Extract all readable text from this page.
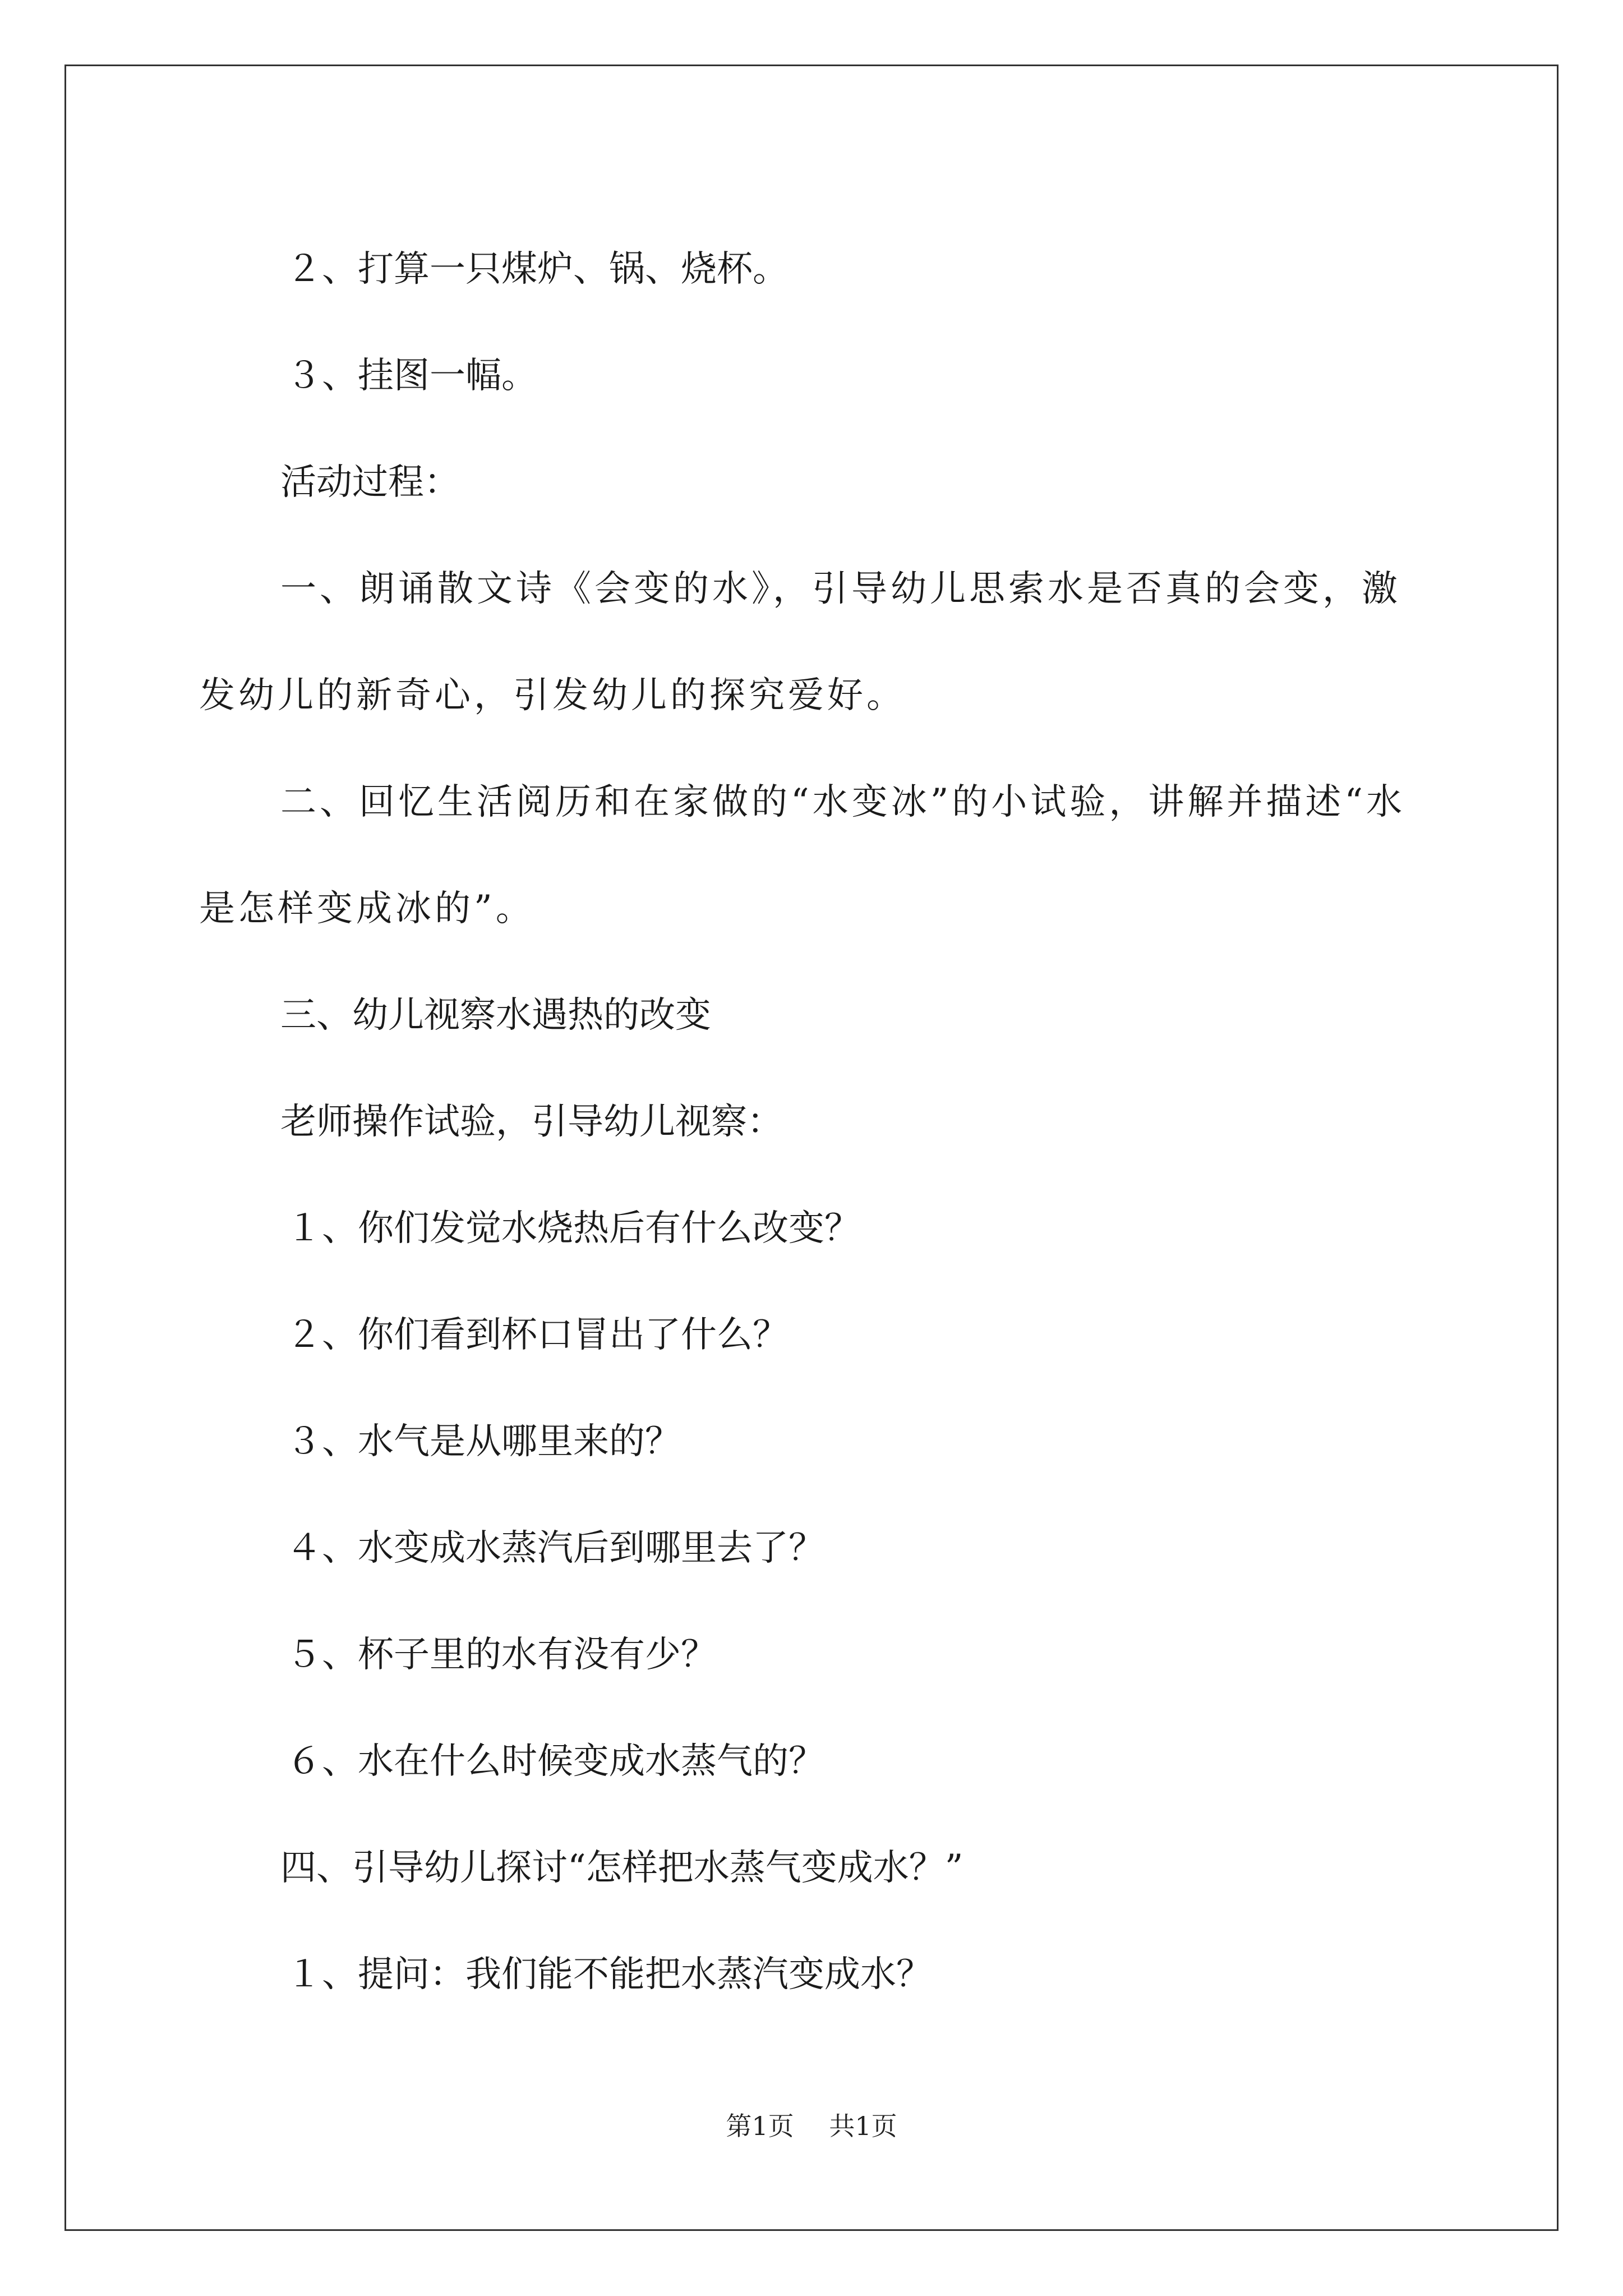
２、打算一只煤炉、锅、烧杯。

３、挂图一幅。

活动过程：

一、朗诵散文诗《会变的水》，引导幼儿思索水是否真的会变，激发幼儿的新奇心，引发幼儿的探究爱好。

二、回忆生活阅历和在家做的“水变冰”的小试验，讲解并描述“水是怎样变成冰的”。

三、幼儿视察水遇热的改变

老师操作试验，引导幼儿视察：

１、你们发觉水烧热后有什么改变？

２、你们看到杯口冒出了什么？

３、水气是从哪里来的？

４、水变成水蒸汽后到哪里去了？

５、杯子里的水有没有少？

６、水在什么时候变成水蒸气的？

四、引导幼儿探讨“怎样把水蒸气变成水？”

１、提问：我们能不能把水蒸汽变成水？

第1页 共1页
